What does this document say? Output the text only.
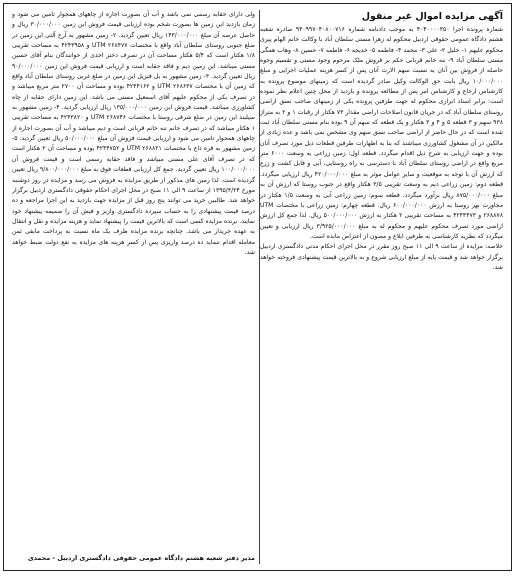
آگهی مزایده اموال غیر منقول

شماره پرونده اجرا ۴۰۴۰۰۰۰۳۵۰ به موجب دادنامه شماره ۹۴۰۹۹۷۰۴۰۸۰۰۷۱۶ صادره شعبه هشتم دادگاه عمومی حقوقی اردبیل محکوم له زهرا مستی سلطان آباد با وکالت خانم الهام پیری محکوم علیهم ۱- خلیل ۲- علی ۳- محمد ۴- فاطمه ۵- خدیجه ۶- فاطمه ۷- حسین ۸- وهاب همگی مستی سلطان آباد ۹- ننه خانم قربانی حکم بر فروش ملک مرحوم وجود مستی و تقسیم وجوه حاصله از فروش بین آنان به نسبت سهم الارث آنان پس از کسر هزینه عملیات اجرایی و مبلغ ۱۰/۰۰۰/۰۰۰ ریال بابت حق الوکالت وکیل صادر گردیده است که زمینهای موضوع پرونده به کارشناس ارجاع و کارشناس امر پس از مطالعه پرونده و بازدید از محل چنین اعلام نظر نموده است: برابر اسناد ابرازی محکوم له جهت طرفین پرونده یکی از زمینهای صاحب نسق اراضی روستای سلطان آباد که در جریان قانون اصلاحات اراضی مقدار ۷۳ هکتار از رقبات ۱ و ۲ به متراژ ۹۳۸ سهم و ۳ قطعه ۵ و ۴ و ۳ هکتار و یک قطعه که سهم آن ۹ بوده بنام مستی سلطان آباد ثبت شده است که در حال حاضر از اراضی صاحب نسق سهم وی مشخص نمی باشد و عده زیادی از مالکین در آن مشغول کشاورزی میباشند که بنا به اظهارات طرفین قطعات ذیل مورد تصرف آنان بوده و جهت ارزیابی به شرح ذیل اقدام میگردد. قطعه اول: زمین زراعی به وسعت ۶۰۰۰ متر مربع واقع در اراضی روستای سلطان آباد با دسترسی به راه روستایی، آبی و قابل کشت و زرع که ارزش آن با توجه به موقعیت و سایر عوامل موثر به مبلغ ۴۲۰/۰۰۰/۰۰۰ ریال ارزیابی میگردد. قطعه دوم: زمین زراعی دیم به وسعت تقریبی ۳/۵ هکتار واقع در جنوب روستا که ارزش آن به مبلغ ۸۷۵/۰۰۰/۰۰۰ ریال برآورد میگردد. قطعه سوم: زمین زراعی آبی به وسعت ۱/۵ هکتار در مجاورت نهر روستا به ارزش ۶۰۰/۰۰۰/۰۰۰ ریال. قطعه چهارم: زمین زراعی با مختصات UTM ۲۶۸۸۷۸ و ۴۲۴۴۴۷۳ به مساحت تقریبی ۲ هکتار به ارزش ۵۰۰/۰۰۰/۰۰۰ ریال. لذا جمع کل ارزش اراضی مورد تصرف محکوم علیهم و محکوم له به مبلغ ۳/۹۲۵/۰۰۰/۰۰۰ ریال ارزیابی و تعیین میگردد که نظریه کارشناسی به طرفین ابلاغ و مصون از اعتراض مانده است.

خلاصه: مزایده از ساعت ۹ الی ۱۱ صبح روز مقرر در محل اجرای احکام مدنی دادگستری اردبیل برگزار خواهد شد و قیمت پایه از مبلغ ارزیابی شروع و به بالاترین قیمت پیشنهادی فروخته خواهد شد.

ولی دارای حقابه رسمی نمی باشد و آب آن بصورت اجاره از چاههای همجوار تامین می شود و زمان بازدید این زمین ها بصورت شخم بوده ارزیابی قیمت فروش این زمین ۳۰/۰۰۰/۰۰۰ ریال و حاصل عرصه آن مبلغ ۱۴۳/۰۰۰/۰۰۰ ریال تعیین گردید. ۲- زمین مشهور به آرخ آلتی این زمین در ضلع جنوبی روستای سلطان آباد واقع با مختصات UTM ۲۶۸۴۷۷ و ۴۲۴۳۹۵۸ به مساحت تقریبی ۱/۸ هکتار است که ۵/۴ هکتار مساحت آن در تصرف دختر احدی از خوانندگان بنام آقای حسین مستی میباشد. این زمین دیم و فاقد حقابه است و ارزیابی قیمت فروش این زمین ۹۰/۰۰۰/۰۰۰ ریال تعیین گردید. ۳- زمین مشهور به یل قیزیل این زمین در ضلع غربی روستای سلطان آباد واقع که زمین آن با مختصات UTM ۲۶۸۶۳۷ و ۴۲۴۴۱۶۲ بوده و مساحت آن ۲۷۰۰ متر مربع میباشد و در تصرف یکی از محکوم علیهم آقای اسمعیل مستی می باشد. این زمین دارای حقابه از چاه کشاورزی میباشد. قیمت فروش این زمین ۱۳۵/۰۰۰/۰۰۰ ریال ارزیابی گردید. ۴- زمین مشهور به سیلبند این زمین در ضلع شرقی روستا با مختصات UTM ۲۶۸۷۴۶ و ۴۲۴۳۸۲۰ به مساحت تقریبی ۱ هکتار میباشد که در تصرف خانم ننه خانم قربانی است و دیم میباشد و آب آن بصورت اجاره از چاههای همجوار تامین می شود و ارزیابی قیمت فروش آن مبلغ ۵۰/۰۰۰/۰۰۰ ریال تعیین گردید. ۵- زمین مشهور به قره داغ با مختصات UTM ۲۶۸۸۲۱ و ۴۲۴۴۷۵۲ بوده و مساحت آن ۲ هکتار است که در تصرف آقای علی مستی میباشد و فاقد حقابه رسمی است و قیمت فروش آن ۱۰۰/۰۰۰/۰۰۰ ریال تعیین گردید. جمع کل ارزیابی قطعات فوق به مبلغ ۹/۸۰۰/۰۰۰/۰۰۰ ریال تعیین گردیده است. لذا زمین های مذکور از طریق مزایده به فروش می رسد و مزایده در روز دوشنبه مورخ ۱۳۹۵/۳/۲۴ از ساعت ۹ الی ۱۱ صبح در محل اجرای احکام حقوقی دادگستری اردبیل برگزار خواهد شد. طالبین خرید می توانند پنج روز قبل از مزایده جهت بازدید به این اجرا مراجعه و ده درصد قیمت پیشنهادی را به حساب سپرده دادگستری واریز و فیش آن را ضمیمه پیشنهاد خود نمایند. برنده مزایده کسی است که بالاترین قیمت را پیشنهاد نماید و هزینه مزایده و نقل و انتقال به عهده خریدار می باشد. چنانچه برنده مزایده ظرف یک ماه نسبت به پرداخت مابقی ثمن معامله اقدام ننماید ده درصد واریزی پس از کسر هزینه های مزایده به نفع دولت ضبط خواهد شد.

مدیر دفتر شعبه هشتم دادگاه عمومی حقوقی دادگستری اردبیل - محمدی
